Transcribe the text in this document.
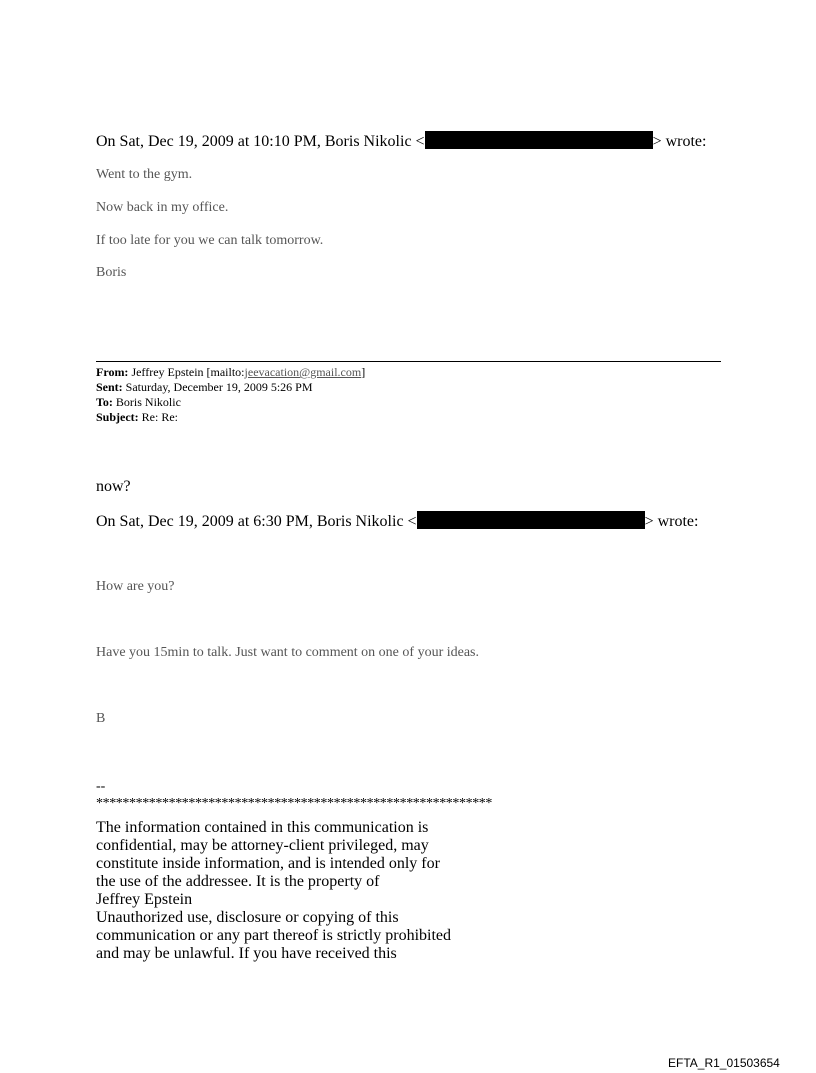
On Sat, Dec 19, 2009 at 10:10 PM, Boris Nikolic <	> wrote:
Went to the gym.
Now back in my office.
If too late for you we can talk tomorrow.
Boris
From: Jeffrey Epstein [mailto:jeevacation@gmail.com]
Sent: Saturday, December 19, 2009 5:26 PM
To: Boris Nikolic
Subject: Re: Re:
now?
On Sat, Dec 19, 2009 at 6:30 PM, Boris Nikolic <	> wrote:
How are you?
Have you 15min to talk. Just want to comment on one of your ideas.
B
--
************************************************************
The information contained in this communication is
confidential, may be attorney-client privileged, may
constitute inside information, and is intended only for
the use of the addressee. It is the property of
Jeffrey Epstein
Unauthorized use, disclosure or copying of this
communication or any part thereof is strictly prohibited
and may be unlawful. If you have received this
EFTA_R1_01503654
